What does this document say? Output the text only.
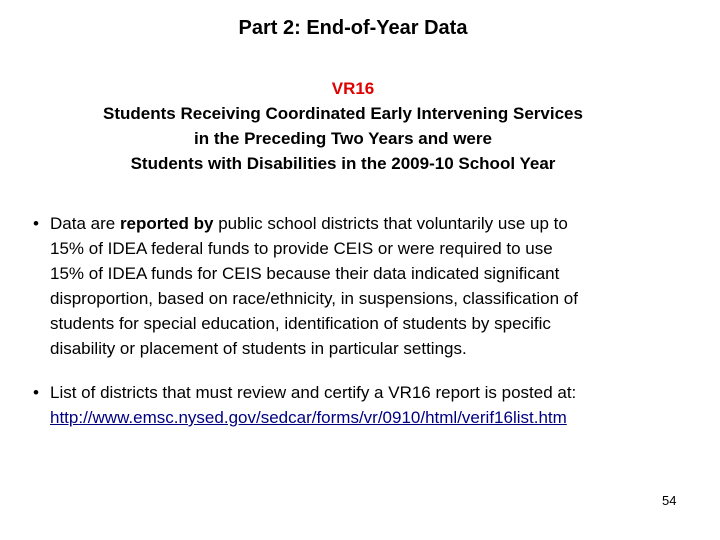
Part 2: End-of-Year Data
VR16
Students Receiving Coordinated Early Intervening Services
in the Preceding Two Years and were
Students with Disabilities in the 2009-10 School Year
• Data are reported by public school districts that voluntarily use up to
15% of IDEA federal funds to provide CEIS or were required to use
15% of IDEA funds for CEIS because their data indicated significant
disproportion, based on race/ethnicity, in suspensions, classification of
students for special education, identification of students by specific
disability or placement of students in particular settings.
• List of districts that must review and certify a VR16 report is posted at:
http://www.emsc.nysed.gov/sedcar/forms/vr/0910/html/verif16list.htm
54
